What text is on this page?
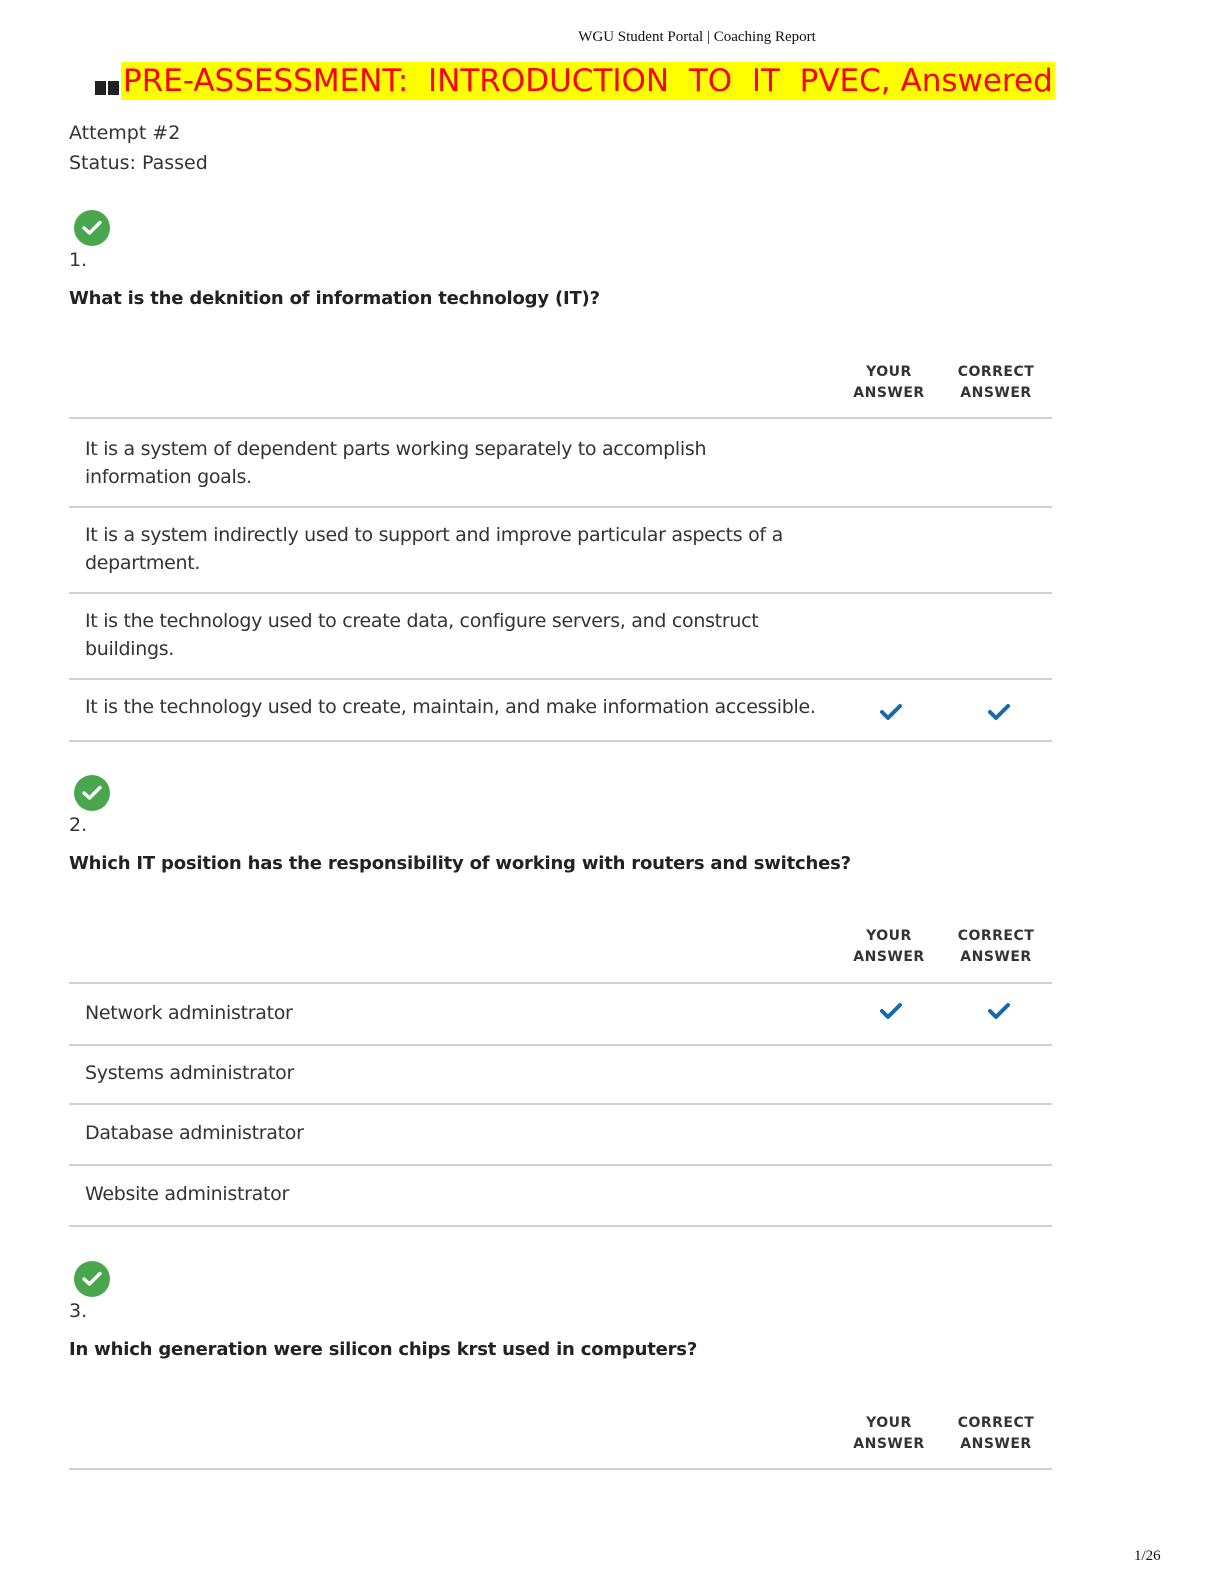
WGU Student Portal | Coaching Report
PRE-ASSESSMENT:  INTRODUCTION  TO  IT  PVEC, Answered
Attempt #2
Status: Passed
1.
What is the deknition of information technology (IT)?
YOUR
ANSWER
CORRECT
ANSWER
It is a system of dependent parts working separately to accomplish information goals.
It is a system indirectly used to support and improve particular aspects of a department.
It is the technology used to create data, configure servers, and construct buildings.
It is the technology used to create, maintain, and make information accessible.
2.
Which IT position has the responsibility of working with routers and switches?
YOUR
ANSWER
CORRECT
ANSWER
Network administrator
Systems administrator
Database administrator
Website administrator
3.
In which generation were silicon chips krst used in computers?
YOUR
ANSWER
CORRECT
ANSWER
1/26
